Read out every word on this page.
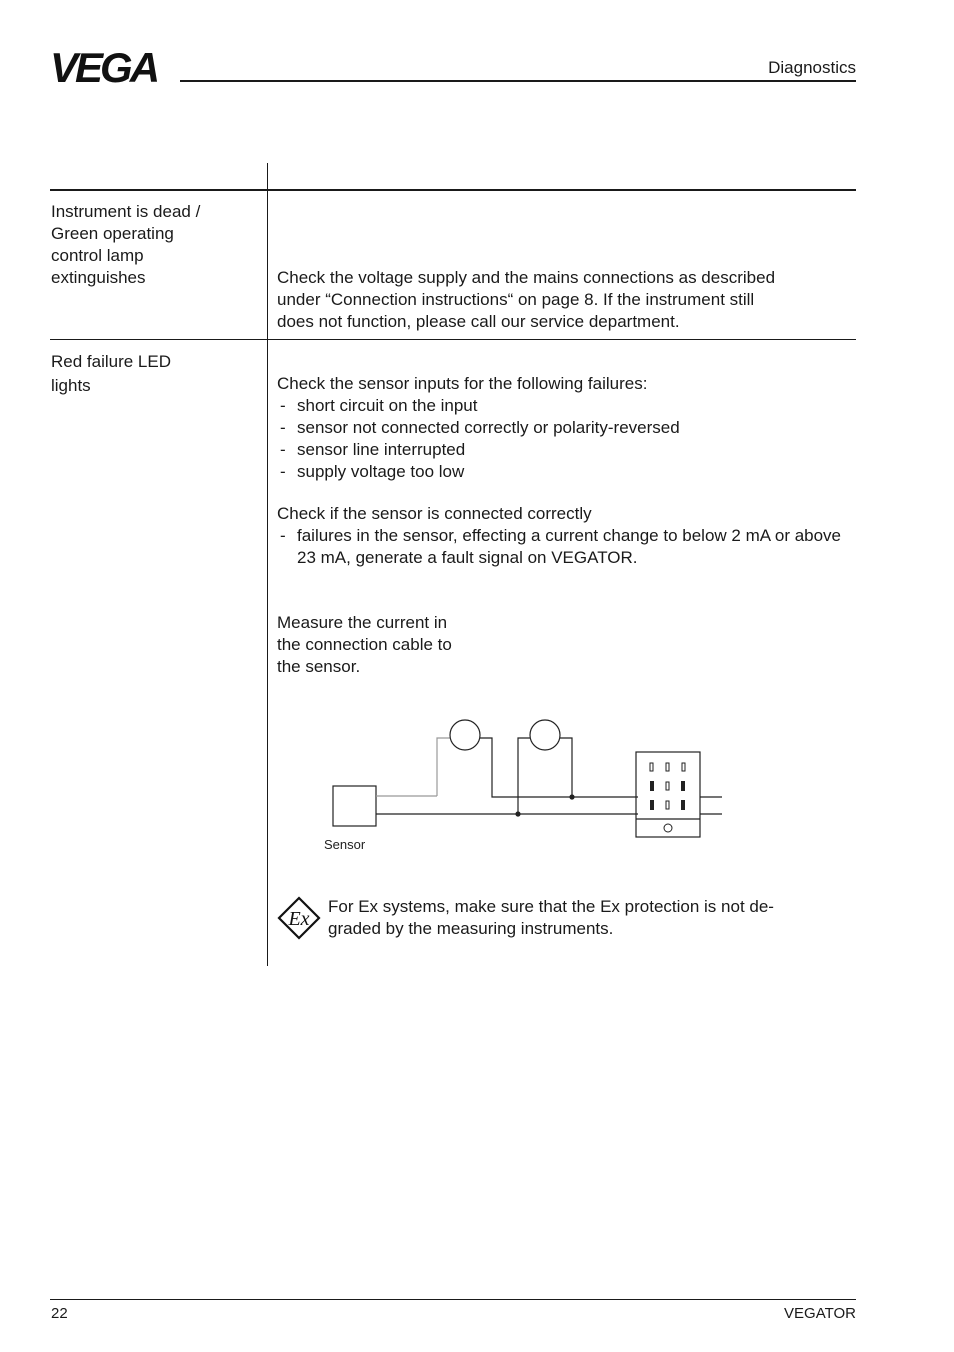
VEGA	Diagnostics
Instrument is dead /
Green operating
control lamp
extinguishes	Check the voltage supply and the mains connections as described
under “Connection instructions“ on page 8. If the instrument still
does not function, please call our service department.
Red failure LED
lights	Check the sensor inputs for the following failures:
- short circuit on the input
- sensor not connected correctly or polarity-reversed
- sensor line interrupted
- supply voltage too low
Check if the sensor is connected correctly
- failures in the sensor, effecting a current change to below 2 mA or above 23 mA, generate a fault signal on VEGATOR.
Measure the current in
the connection cable to
the sensor.
Sensor
Ex
For Ex systems, make sure that the Ex protection is not de-
graded by the measuring instruments.
22	VEGATOR
